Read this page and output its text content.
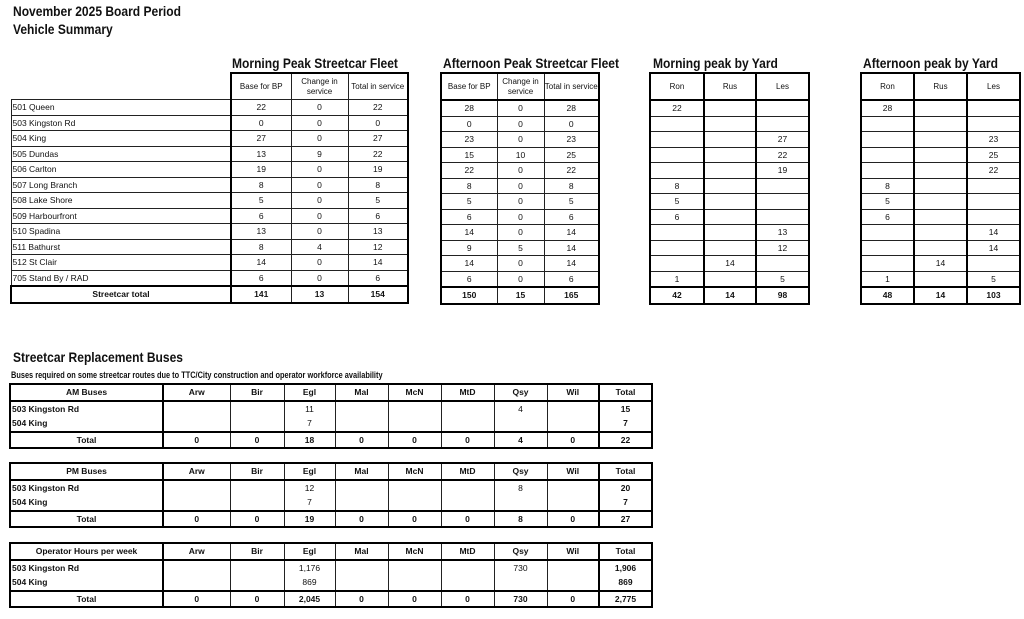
November 2025 Board Period
Vehicle Summary
Morning Peak Streetcar Fleet	Afternoon Peak Streetcar Fleet Morning peak by Yard	Afternoon peak by Yard
	Base for BP	Change in service	Total in service
501 Queen	22	0	22
503 Kingston Rd	0	0	0
504 King	27	0	27
505 Dundas	13	9	22
506 Carlton	19	0	19
507 Long Branch	8	0	8
508 Lake Shore	5	0	5
509 Harbourfront	6	0	6
510 Spadina	13	0	13
511 Bathurst	8	4	12
512 St Clair	14	0	14
705 Stand By / RAD	6	0	6
Streetcar total	141	13	154
Base for BP	Change in service	Total in service
28	0	28
0	0	0
23	0	23
15	10	25
22	0	22
8	0	8
5	0	5
6	0	6
14	0	14
9	5	14
14	0	14
6	0	6
150	15	165
Ron	Rus	Les
22		

		27
		22
		19
8		
5		
6		
		13
		12
	14	
1		5
42	14	98
Ron	Rus	Les
28		

		23
		25
		22
8		
5		
6		
		14
		14
	14	
1		5
48	14	103
Streetcar Replacement Buses
Buses required on some streetcar routes due to TTC/City construction and operator workforce availability
AM Buses	Arw	Bir	Egl	Mal	McN	MtD	Qsy	Wil	Total
503 Kingston Rd			11				4		15
504 King			7						7
Total	0	0	18	0	0	0	4	0	22
PM Buses	Arw	Bir	Egl	Mal	McN	MtD	Qsy	Wil	Total
503 Kingston Rd			12				8		20
504 King			7						7
Total	0	0	19	0	0	0	8	0	27
Operator Hours per week	Arw	Bir	Egl	Mal	McN	MtD	Qsy	Wil	Total
503 Kingston Rd			1,176				730		1,906
504 King			869						869
Total	0	0	2,045	0	0	0	730	0	2,775
